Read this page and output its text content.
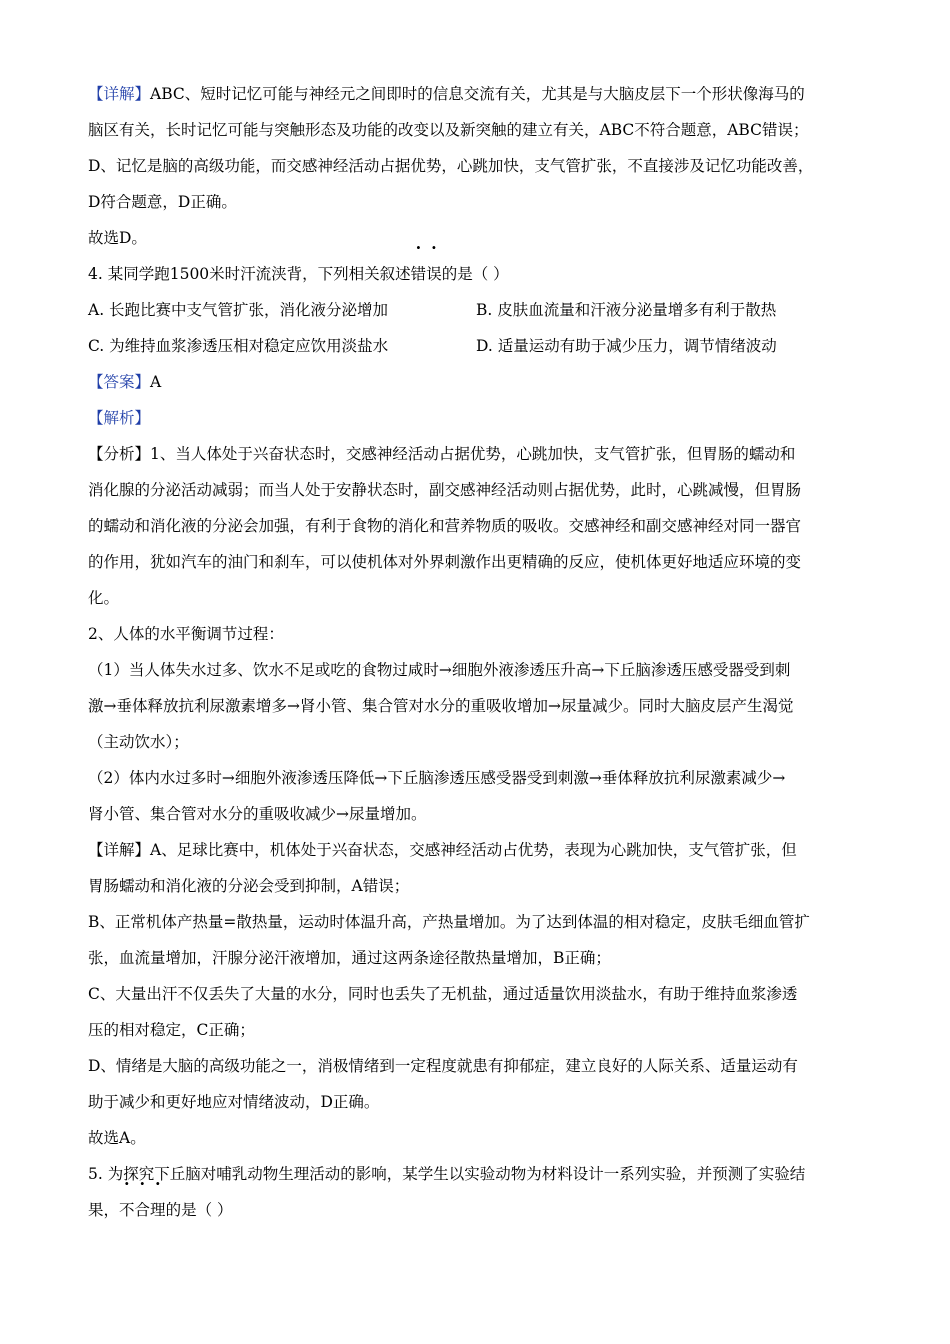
【详解】ABC、短时记忆可能与神经元之间即时的信息交流有关，尤其是与大脑皮层下一个形状像海马的
脑区有关，长时记忆可能与突触形态及功能的改变以及新突触的建立有关，ABC不符合题意，ABC错误；
D、记忆是脑的高级功能，而交感神经活动占据优势，心跳加快，支气管扩张，不直接涉及记忆功能改善，
D符合题意，D正确。
故选D。
4. 某同学跑1500米时汗流浃背，下列相关叙述错误的是（ ）
A. 长跑比赛中支气管扩张，消化液分泌增加	B. 皮肤血流量和汗液分泌量增多有利于散热
C. 为维持血浆渗透压相对稳定应饮用淡盐水	D. 适量运动有助于减少压力，调节情绪波动
【答案】A
【解析】
【分析】1、当人体处于兴奋状态时，交感神经活动占据优势，心跳加快，支气管扩张，但胃肠的蠕动和
消化腺的分泌活动减弱；而当人处于安静状态时，副交感神经活动则占据优势，此时，心跳减慢，但胃肠
的蠕动和消化液的分泌会加强，有利于食物的消化和营养物质的吸收。交感神经和副交感神经对同一器官
的作用，犹如汽车的油门和刹车，可以使机体对外界刺激作出更精确的反应，使机体更好地适应环境的变
化。
2、人体的水平衡调节过程：
（1）当人体失水过多、饮水不足或吃的食物过咸时→细胞外液渗透压升高→下丘脑渗透压感受器受到刺
激→垂体释放抗利尿激素增多→肾小管、集合管对水分的重吸收增加→尿量减少。同时大脑皮层产生渴觉
（主动饮水）；
（2）体内水过多时→细胞外液渗透压降低→下丘脑渗透压感受器受到刺激→垂体释放抗利尿激素减少→
肾小管、集合管对水分的重吸收减少→尿量增加。
【详解】A、足球比赛中，机体处于兴奋状态，交感神经活动占优势，表现为心跳加快，支气管扩张，但
胃肠蠕动和消化液的分泌会受到抑制，A错误；
B、正常机体产热量=散热量，运动时体温升高，产热量增加。为了达到体温的相对稳定，皮肤毛细血管扩
张，血流量增加，汗腺分泌汗液增加，通过这两条途径散热量增加，B正确；
C、大量出汗不仅丢失了大量的水分，同时也丢失了无机盐，通过适量饮用淡盐水，有助于维持血浆渗透
压的相对稳定，C正确；
D、情绪是大脑的高级功能之一，消极情绪到一定程度就患有抑郁症，建立良好的人际关系、适量运动有
助于减少和更好地应对情绪波动，D正确。
故选A。
5. 为探究下丘脑对哺乳动物生理活动的影响，某学生以实验动物为材料设计一系列实验，并预测了实验结
果，不合理的是（ ）
